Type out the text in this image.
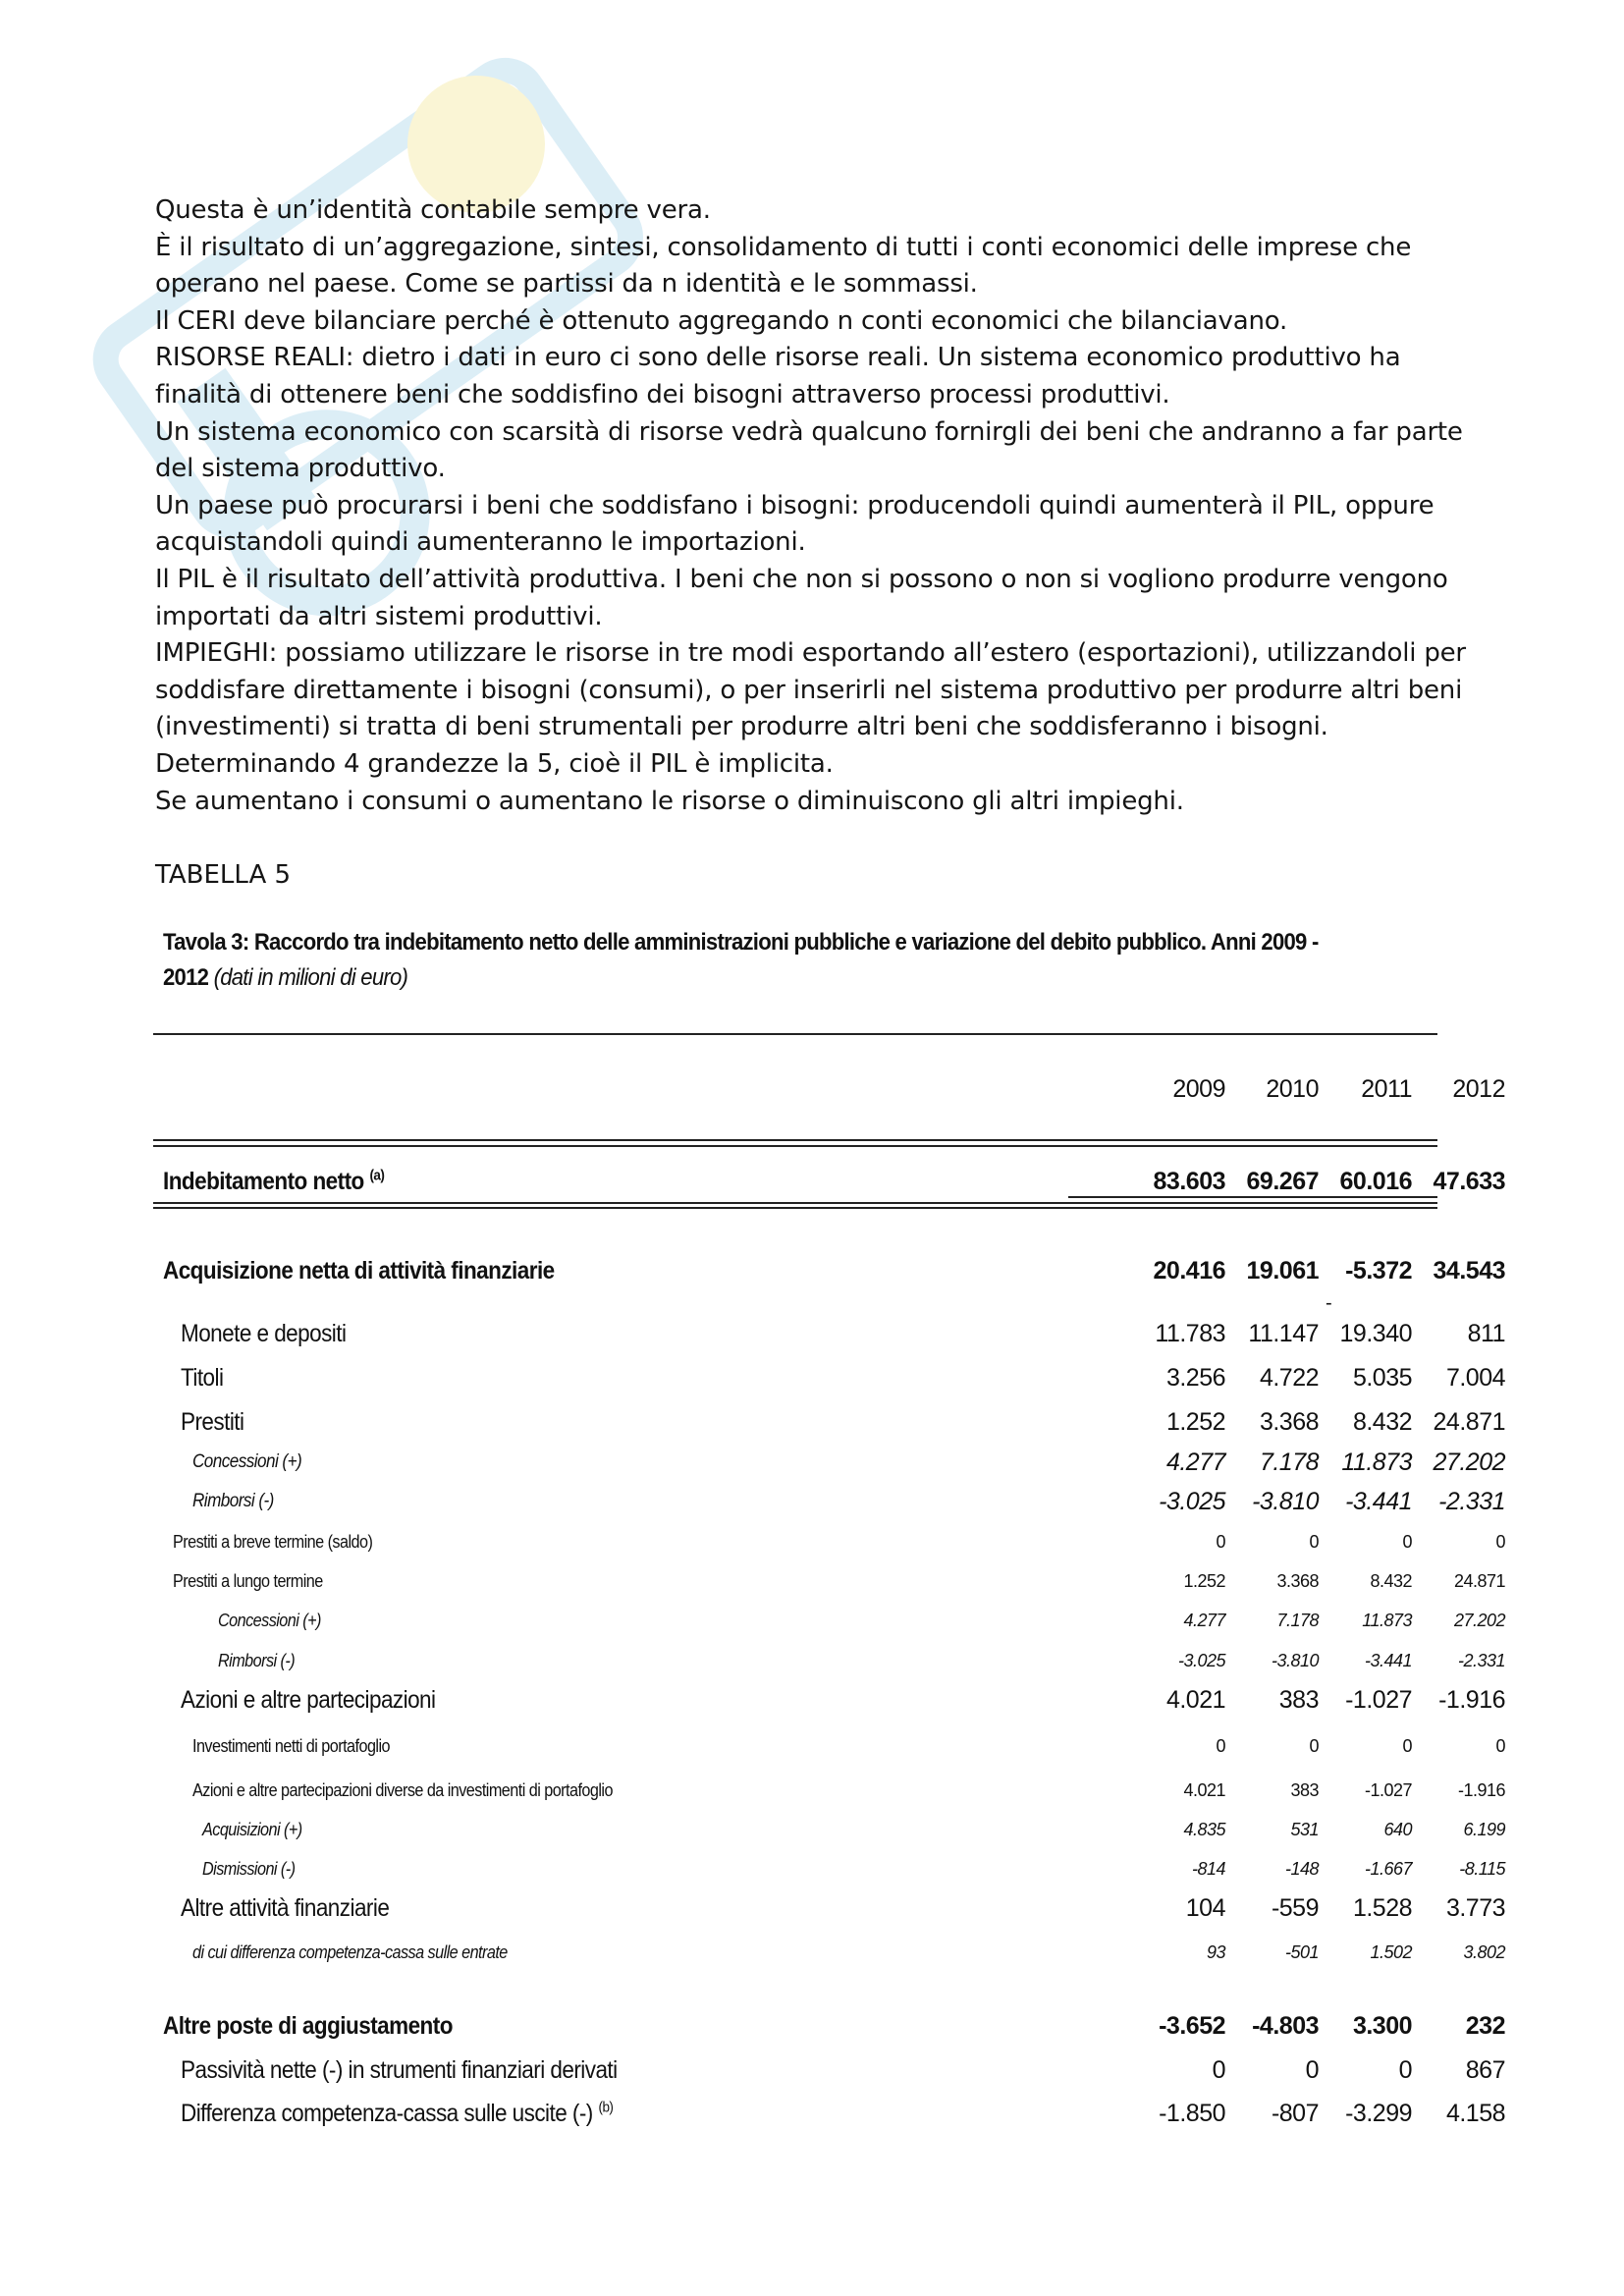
Questa è un’identità contabile sempre vera.

È il risultato di un’aggregazione, sintesi, consolidamento di tutti i conti economici delle imprese che operano nel paese. Come se partissi da n identità e le sommassi.

Il CERI deve bilanciare perché è ottenuto aggregando n conti economici che bilanciavano.

RISORSE REALI: dietro i dati in euro ci sono delle risorse reali. Un sistema economico produttivo ha finalità di ottenere beni che soddisfino dei bisogni attraverso processi produttivi.

Un sistema economico con scarsità di risorse vedrà qualcuno fornirgli dei beni che andranno a far parte del sistema produttivo.

Un paese può procurarsi i beni che soddisfano i bisogni: producendoli quindi aumenterà il PIL, oppure acquistandoli quindi aumenteranno le importazioni.

Il PIL è il risultato dell’attività produttiva. I beni che non si possono o non si vogliono produrre vengono importati da altri sistemi produttivi.

IMPIEGHI: possiamo utilizzare le risorse in tre modi esportando all’estero (esportazioni), utilizzandoli per soddisfare direttamente i bisogni (consumi), o per inserirli nel sistema produttivo per produrre altri beni (investimenti) si tratta di beni strumentali per produrre altri beni che soddisferanno i bisogni.

Determinando 4 grandezze la 5, cioè il PIL è implicita.

Se aumentano i consumi o aumentano le risorse o diminuiscono gli altri impieghi.

TABELLA 5
Tavola 3: Raccordo tra indebitamento netto delle amministrazioni pubbliche e variazione del debito pubblico. Anni 2009 - 2012 (dati in milioni di euro)
2009	2010	2011	2012
Indebitamento netto $^{(a)}$	83.603 69.267 60.016 47.633
Acquisizione netta di attività finanziarie	20.416 19.061	-5.372 34.543
-
Monete e depositi	11.783 11.147 19.340	811
Titoli	3.256	4.722	5.035	7.004
Prestiti	1.252	3.368	8.432 24.871
Concessioni (+)	4.277	7.178 11.873 27.202
Rimborsi (-)	-3.025	-3.810	-3.441	-2.331
Prestiti a breve termine (saldo)	0	0	0	0
Prestiti a lungo termine	1.252	3.368	8.432	24.871
Concessioni (+)	4.277	7.178	11.873	27.202
Rimborsi (-)	-3.025	-3.810	-3.441	-2.331
Azioni e altre partecipazioni	4.021	383	-1.027	-1.916
Investimenti netti di portafoglio	0	0	0	0
Azioni e altre partecipazioni diverse da investimenti di portafoglio	4.021	383	-1.027	-1.916
Acquisizioni (+)	4.835	531	640	6.199
Dismissioni (-)	-814	-148	-1.667	-8.115
Altre attività finanziarie	104	-559	1.528	3.773
di cui differenza competenza-cassa sulle entrate	93	-501	1.502	3.802
Altre poste di aggiustamento	-3.652	-4.803	3.300	232
Passività nette (-) in strumenti finanziari derivati	0	0	0	867
Differenza competenza-cassa sulle uscite (-) $^{(b)}$	-1.850	-807	-3.299	4.158
